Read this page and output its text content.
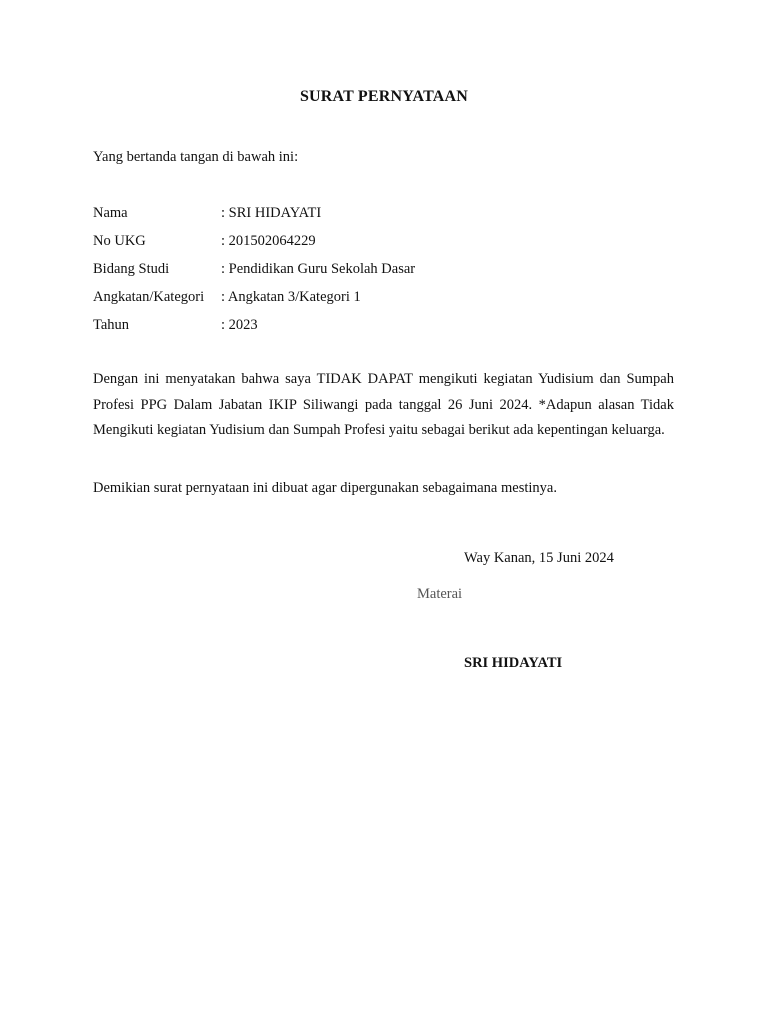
SURAT PERNYATAAN
Yang bertanda tangan di bawah ini:
Nama	: SRI HIDAYATI
No UKG	: 201502064229
Bidang Studi	: Pendidikan Guru Sekolah Dasar
Angkatan/Kategori : Angkatan 3/Kategori 1
Tahun	: 2023
Dengan ini menyatakan bahwa saya TIDAK DAPAT mengikuti kegiatan Yudisium dan Sumpah Profesi PPG Dalam Jabatan IKIP Siliwangi pada tanggal 26 Juni 2024. *Adapun alasan Tidak Mengikuti kegiatan Yudisium dan Sumpah Profesi yaitu sebagai berikut ada kepentingan keluarga.
Demikian surat pernyataan ini dibuat agar dipergunakan sebagaimana mestinya.
Way Kanan, 15 Juni 2024
Materai
SRI HIDAYATI
